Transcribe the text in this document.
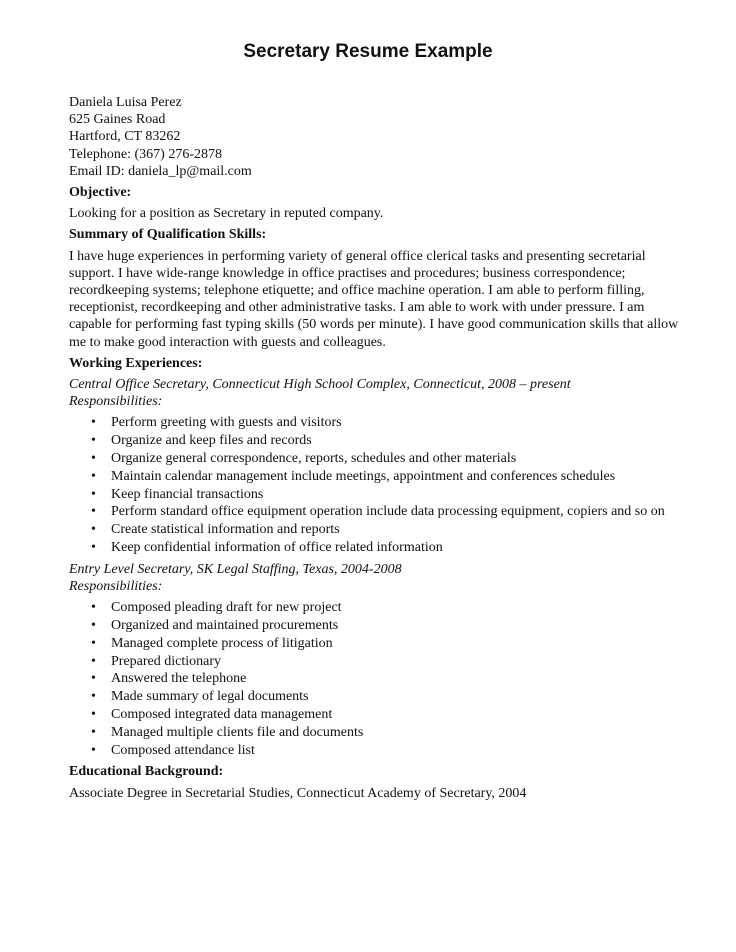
Secretary Resume Example
Daniela Luisa Perez
625 Gaines Road
Hartford, CT 83262
Telephone: (367) 276-2878
Email ID: daniela_lp@mail.com
Objective:
Looking for a position as Secretary in reputed company.
Summary of Qualification Skills:
I have huge experiences in performing variety of general office clerical tasks and presenting secretarial support. I have wide-range knowledge in office practises and procedures; business correspondence; recordkeeping systems; telephone etiquette; and office machine operation. I am able to perform filling, receptionist, recordkeeping and other administrative tasks. I am able to work with under pressure. I am capable for performing fast typing skills (50 words per minute). I have good communication skills that allow me to make good interaction with guests and colleagues.
Working Experiences:
Central Office Secretary, Connecticut High School Complex, Connecticut, 2008 – present
Responsibilities:
• Perform greeting with guests and visitors
• Organize and keep files and records
• Organize general correspondence, reports, schedules and other materials
• Maintain calendar management include meetings, appointment and conferences schedules
• Keep financial transactions
• Perform standard office equipment operation include data processing equipment, copiers and so on
• Create statistical information and reports
• Keep confidential information of office related information
Entry Level Secretary, SK Legal Staffing, Texas, 2004-2008
Responsibilities:
• Composed pleading draft for new project
• Organized and maintained procurements
• Managed complete process of litigation
• Prepared dictionary
• Answered the telephone
• Made summary of legal documents
• Composed integrated data management
• Managed multiple clients file and documents
• Composed attendance list
Educational Background:
Associate Degree in Secretarial Studies, Connecticut Academy of Secretary, 2004
